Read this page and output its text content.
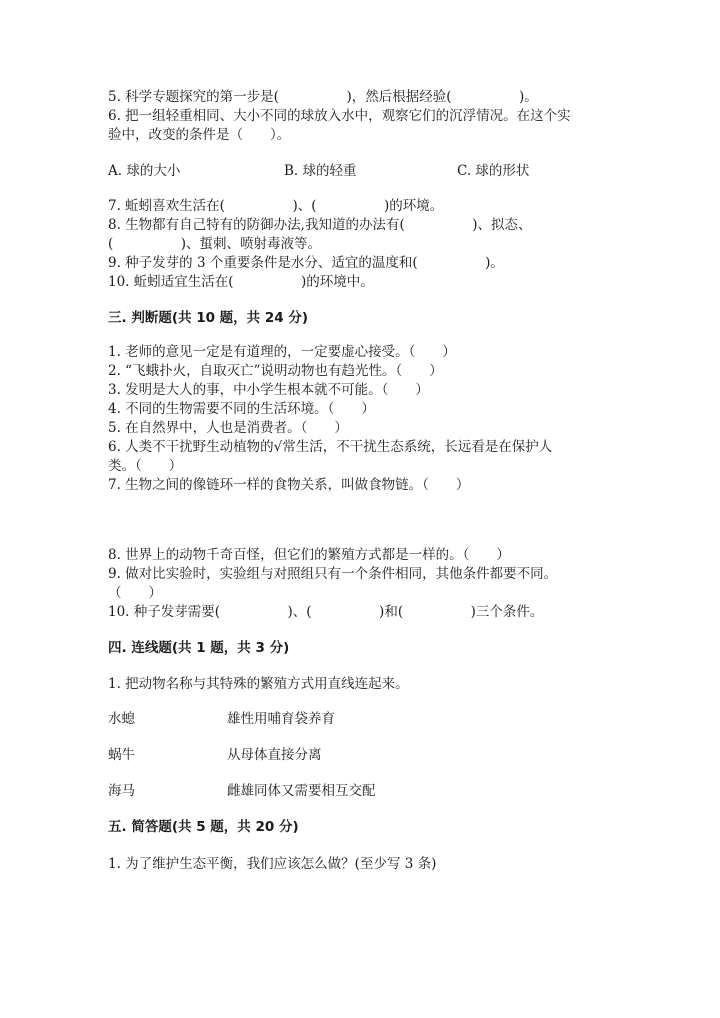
5. 科学专题探究的第一步是(　　　　　)，然后根据经验(　　　　　)。

6. 把一组轻重相同、大小不同的球放入水中，观察它们的沉浮情况。在这个实

验中，改变的条件是（　　）。

A. 球的大小	B. 球的轻重	C. 球的形状

7. 蚯蚓喜欢生活在(　　　　　)、(　　　　　)的环境。

8. 生物都有自己特有的防御办法,我知道的办法有(　　　　　)、拟态、

(　　　　　)、蜇刺、喷射毒液等。

9. 种子发芽的 3 个重要条件是水分、适宜的温度和(　　　　　)。

10. 蚯蚓适宜生活在(　　　　　)的环境中。

三. 判断题(共 10 题，共 24 分)

1. 老师的意见一定是有道理的，一定要虚心接受。（　　）

2. “飞蛾扑火，自取灭亡”说明动物也有趋光性。（　　）

3. 发明是大人的事，中小学生根本就不可能。（　　）

4. 不同的生物需要不同的生活环境。（　　）

5. 在自然界中，人也是消费者。（　　）

6. 人类不干扰野生动植物的√常生活，不干扰生态系统，长远看是在保护人

类。（　　）

7. 生物之间的像链环一样的食物关系，叫做食物链。（　　）

8. 世界上的动物千奇百怪，但它们的繁殖方式都是一样的。（　　）

9. 做对比实验时，实验组与对照组只有一个条件相同，其他条件都要不同。

（　　）

10. 种子发芽需要(　　　　　)、(　　　　　)和(　　　　　)三个条件。

四. 连线题(共 1 题，共 3 分)

1. 把动物名称与其特殊的繁殖方式用直线连起来。

水螅	雄性用哺育袋养育

蜗牛	从母体直接分离

海马	雌雄同体又需要相互交配

五. 简答题(共 5 题，共 20 分)

1. 为了维护生态平衡，我们应该怎么做？(至少写 3 条)
